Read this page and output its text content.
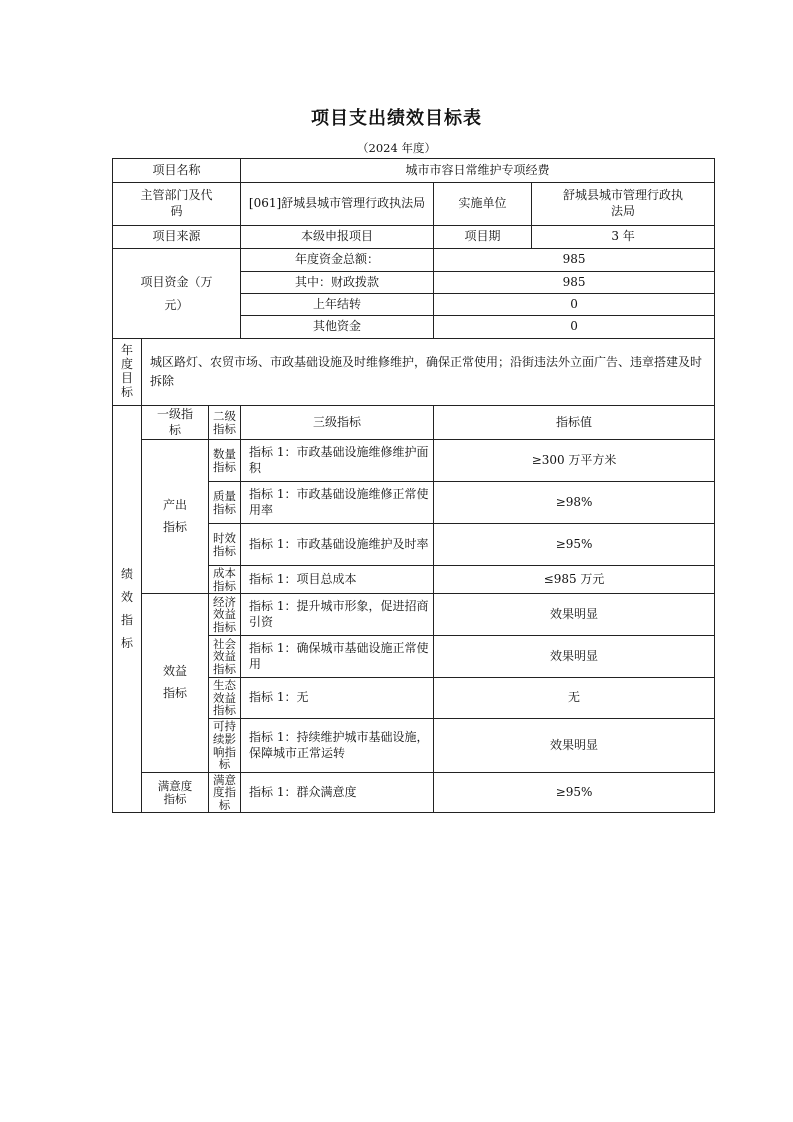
项目支出绩效目标表
（2024 年度）
项目名称			城市市容日常维护专项经费		
主管部门及代码			[061]舒城县城市管理行政执法局	实施单位	舒城县城市管理行政执法局
项目来源			本级申报项目	项目期	3 年
项目资金（万元）			年度资金总额：	985	
			其中：财政拨款	985	
			上年结转	0	
			其他资金	0	
年度目标	城区路灯、农贸市场、市政基础设施及时维修维护，确保正常使用；沿街违法外立面广告、违章搭建及时拆除				
绩效指标	一级指标	二级指标	三级指标	指标值	
	产出指标	数量指标	指标 1：市政基础设施维修维护面积	≥300 万平方米	
		质量指标	指标 1：市政基础设施维修正常使用率	≥98%	
		时效指标	指标 1：市政基础设施维护及时率	≥95%	
		成本指标	指标 1：项目总成本	≤985 万元	
	效益指标	经济效益指标	指标 1：提升城市形象，促进招商引资	效果明显	
		社会效益指标	指标 1：确保城市基础设施正常使用	效果明显	
		生态效益指标	指标 1：无	无	
		可持续影响指标	指标 1：持续维护城市基础设施，保障城市正常运转	效果明显	
	满意度指标	满意度指标	指标 1：群众满意度	≥95%	
